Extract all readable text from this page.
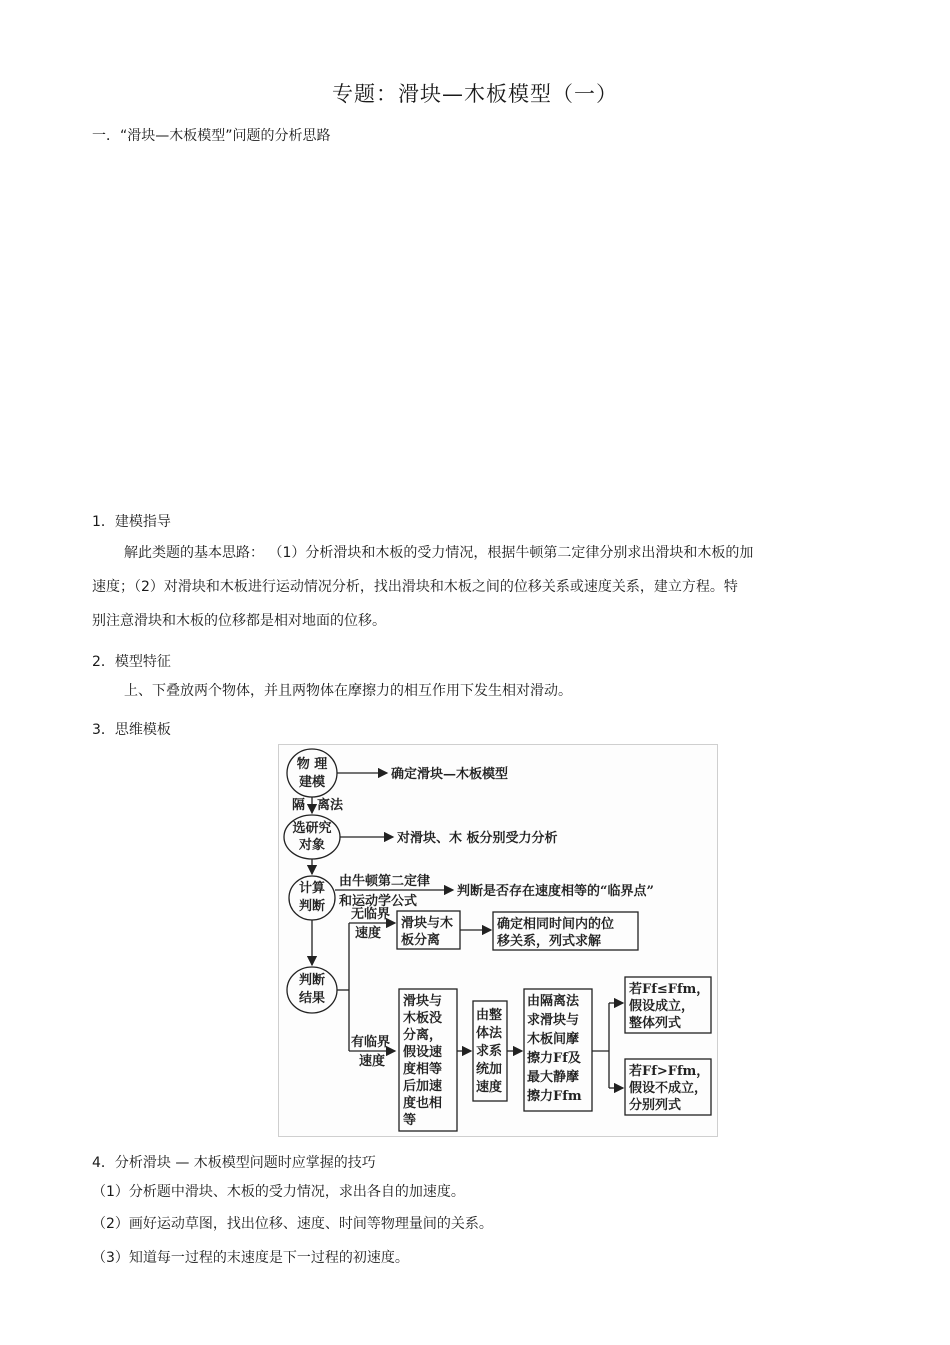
专题：滑块—木板模型（一）
一．“滑块—木板模型”问题的分析思路
1．建模指导
解此类题的基本思路： （1）分析滑块和木板的受力情况，根据牛顿第二定律分别求出滑块和木板的加
速度；（2）对滑块和木板进行运动情况分析，找出滑块和木板之间的位移关系或速度关系，建立方程。特
别注意滑块和木板的位移都是相对地面的位移。
2．模型特征
上、下叠放两个物体，并且两物体在摩擦力的相互作用下发生相对滑动。
3．思维模板
物 理
建模
确定滑块—木板模型
隔 离法
选研究
对象	对滑块、木 板分别受力分析
计算
判断
由牛顿第二定律
和运动学公式
判断是否存在速度相等的“临界点”
无临界
速度
滑块与木
板分离
确定相同时间内的位
移关系，列式求解
判断
结果
有临界
速度
滑块与
木板没
分离，
假设速
度相等
后加速
度也相
等
由整
体法
求系
统加
速度
由隔离法
求滑块与
木板间摩
擦力Ff及
最大静摩
擦力Ffm
若Ff≤Ffm，
假设成立，
整体列式
若Ff>Ffm，
假设不成立，
分别列式
4．分析滑块 — 木板模型问题时应掌握的技巧
（1）分析题中滑块、木板的受力情况，求出各自的加速度。
（2）画好运动草图，找出位移、速度、时间等物理量间的关系。
（3）知道每一过程的末速度是下一过程的初速度。
